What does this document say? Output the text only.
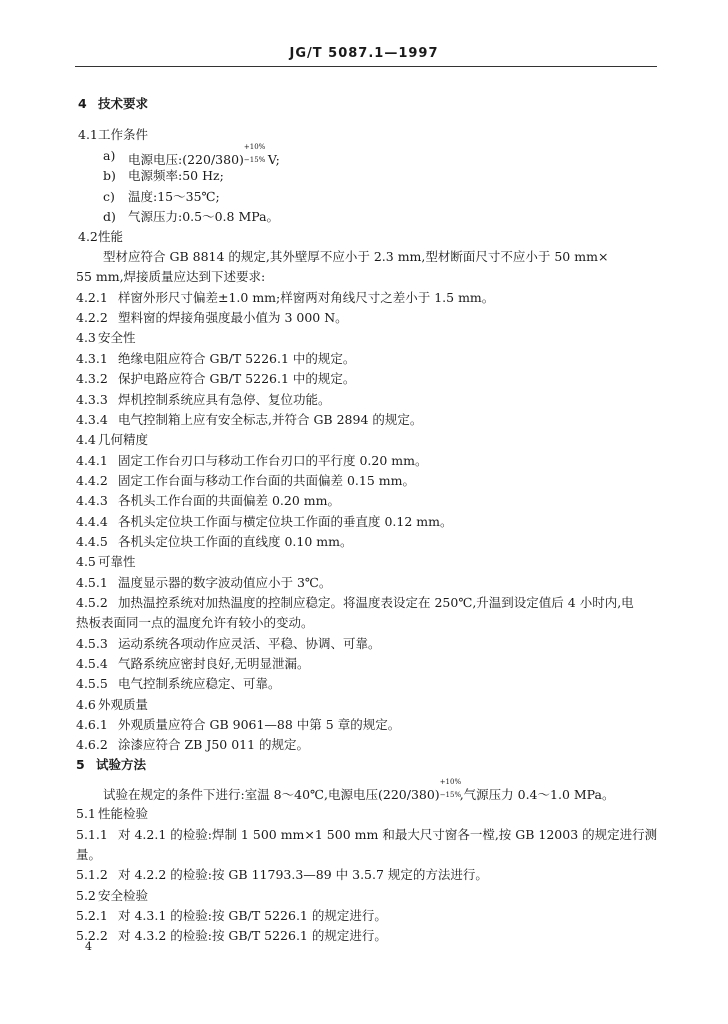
JG/T 5087.1—1997
4 技术要求
4.1 工作条件
a) 电源电压:(220/380)
+10%
−15%
V;
b) 电源频率:50 Hz;
c) 温度:15～35℃;
d) 气源压力:0.5～0.8 MPa。
4.2 性能
型材应符合 GB 8814 的规定,其外壁厚不应小于 2.3 mm,型材断面尺寸不应小于 50 mm×
55 mm,焊接质量应达到下述要求:
4.2.1 样窗外形尺寸偏差±1.0 mm;样窗两对角线尺寸之差小于 1.5 mm。
4.2.2 塑料窗的焊接角强度最小值为 3 000 N。
4.3 安全性
4.3.1 绝缘电阻应符合 GB/T 5226.1 中的规定。
4.3.2 保护电路应符合 GB/T 5226.1 中的规定。
4.3.3 焊机控制系统应具有急停、复位功能。
4.3.4 电气控制箱上应有安全标志,并符合 GB 2894 的规定。
4.4 几何精度
4.4.1 固定工作台刃口与移动工作台刃口的平行度 0.20 mm。
4.4.2 固定工作台面与移动工作台面的共面偏差 0.15 mm。
4.4.3 各机头工作台面的共面偏差 0.20 mm。
4.4.4 各机头定位块工作面与横定位块工作面的垂直度 0.12 mm。
4.4.5 各机头定位块工作面的直线度 0.10 mm。
4.5 可靠性
4.5.1 温度显示器的数字波动值应小于 3℃。
4.5.2 加热温控系统对加热温度的控制应稳定。将温度表设定在 250℃,升温到设定值后 4 小时内,电
热板表面同一点的温度允许有较小的变动。
4.5.3 运动系统各项动作应灵活、平稳、协调、可靠。
4.5.4 气路系统应密封良好,无明显泄漏。
4.5.5 电气控制系统应稳定、可靠。
4.6 外观质量
4.6.1 外观质量应符合 GB 9061—88 中第 5 章的规定。
4.6.2 涂漆应符合 ZB J50 011 的规定。
5 试验方法
试验在规定的条件下进行:室温 8～40℃,电源电压(220/380)
+10%
−15%
,气源压力 0.4～1.0 MPa。
5.1 性能检验
5.1.1 对 4.2.1 的检验:焊制 1 500 mm×1 500 mm 和最大尺寸窗各一樘,按 GB 12003 的规定进行测
量。
5.1.2 对 4.2.2 的检验:按 GB 11793.3—89 中 3.5.7 规定的方法进行。
5.2 安全检验
5.2.1 对 4.3.1 的检验:按 GB/T 5226.1 的规定进行。
5.2.2 对 4.3.2 的检验:按 GB/T 5226.1 的规定进行。
4
